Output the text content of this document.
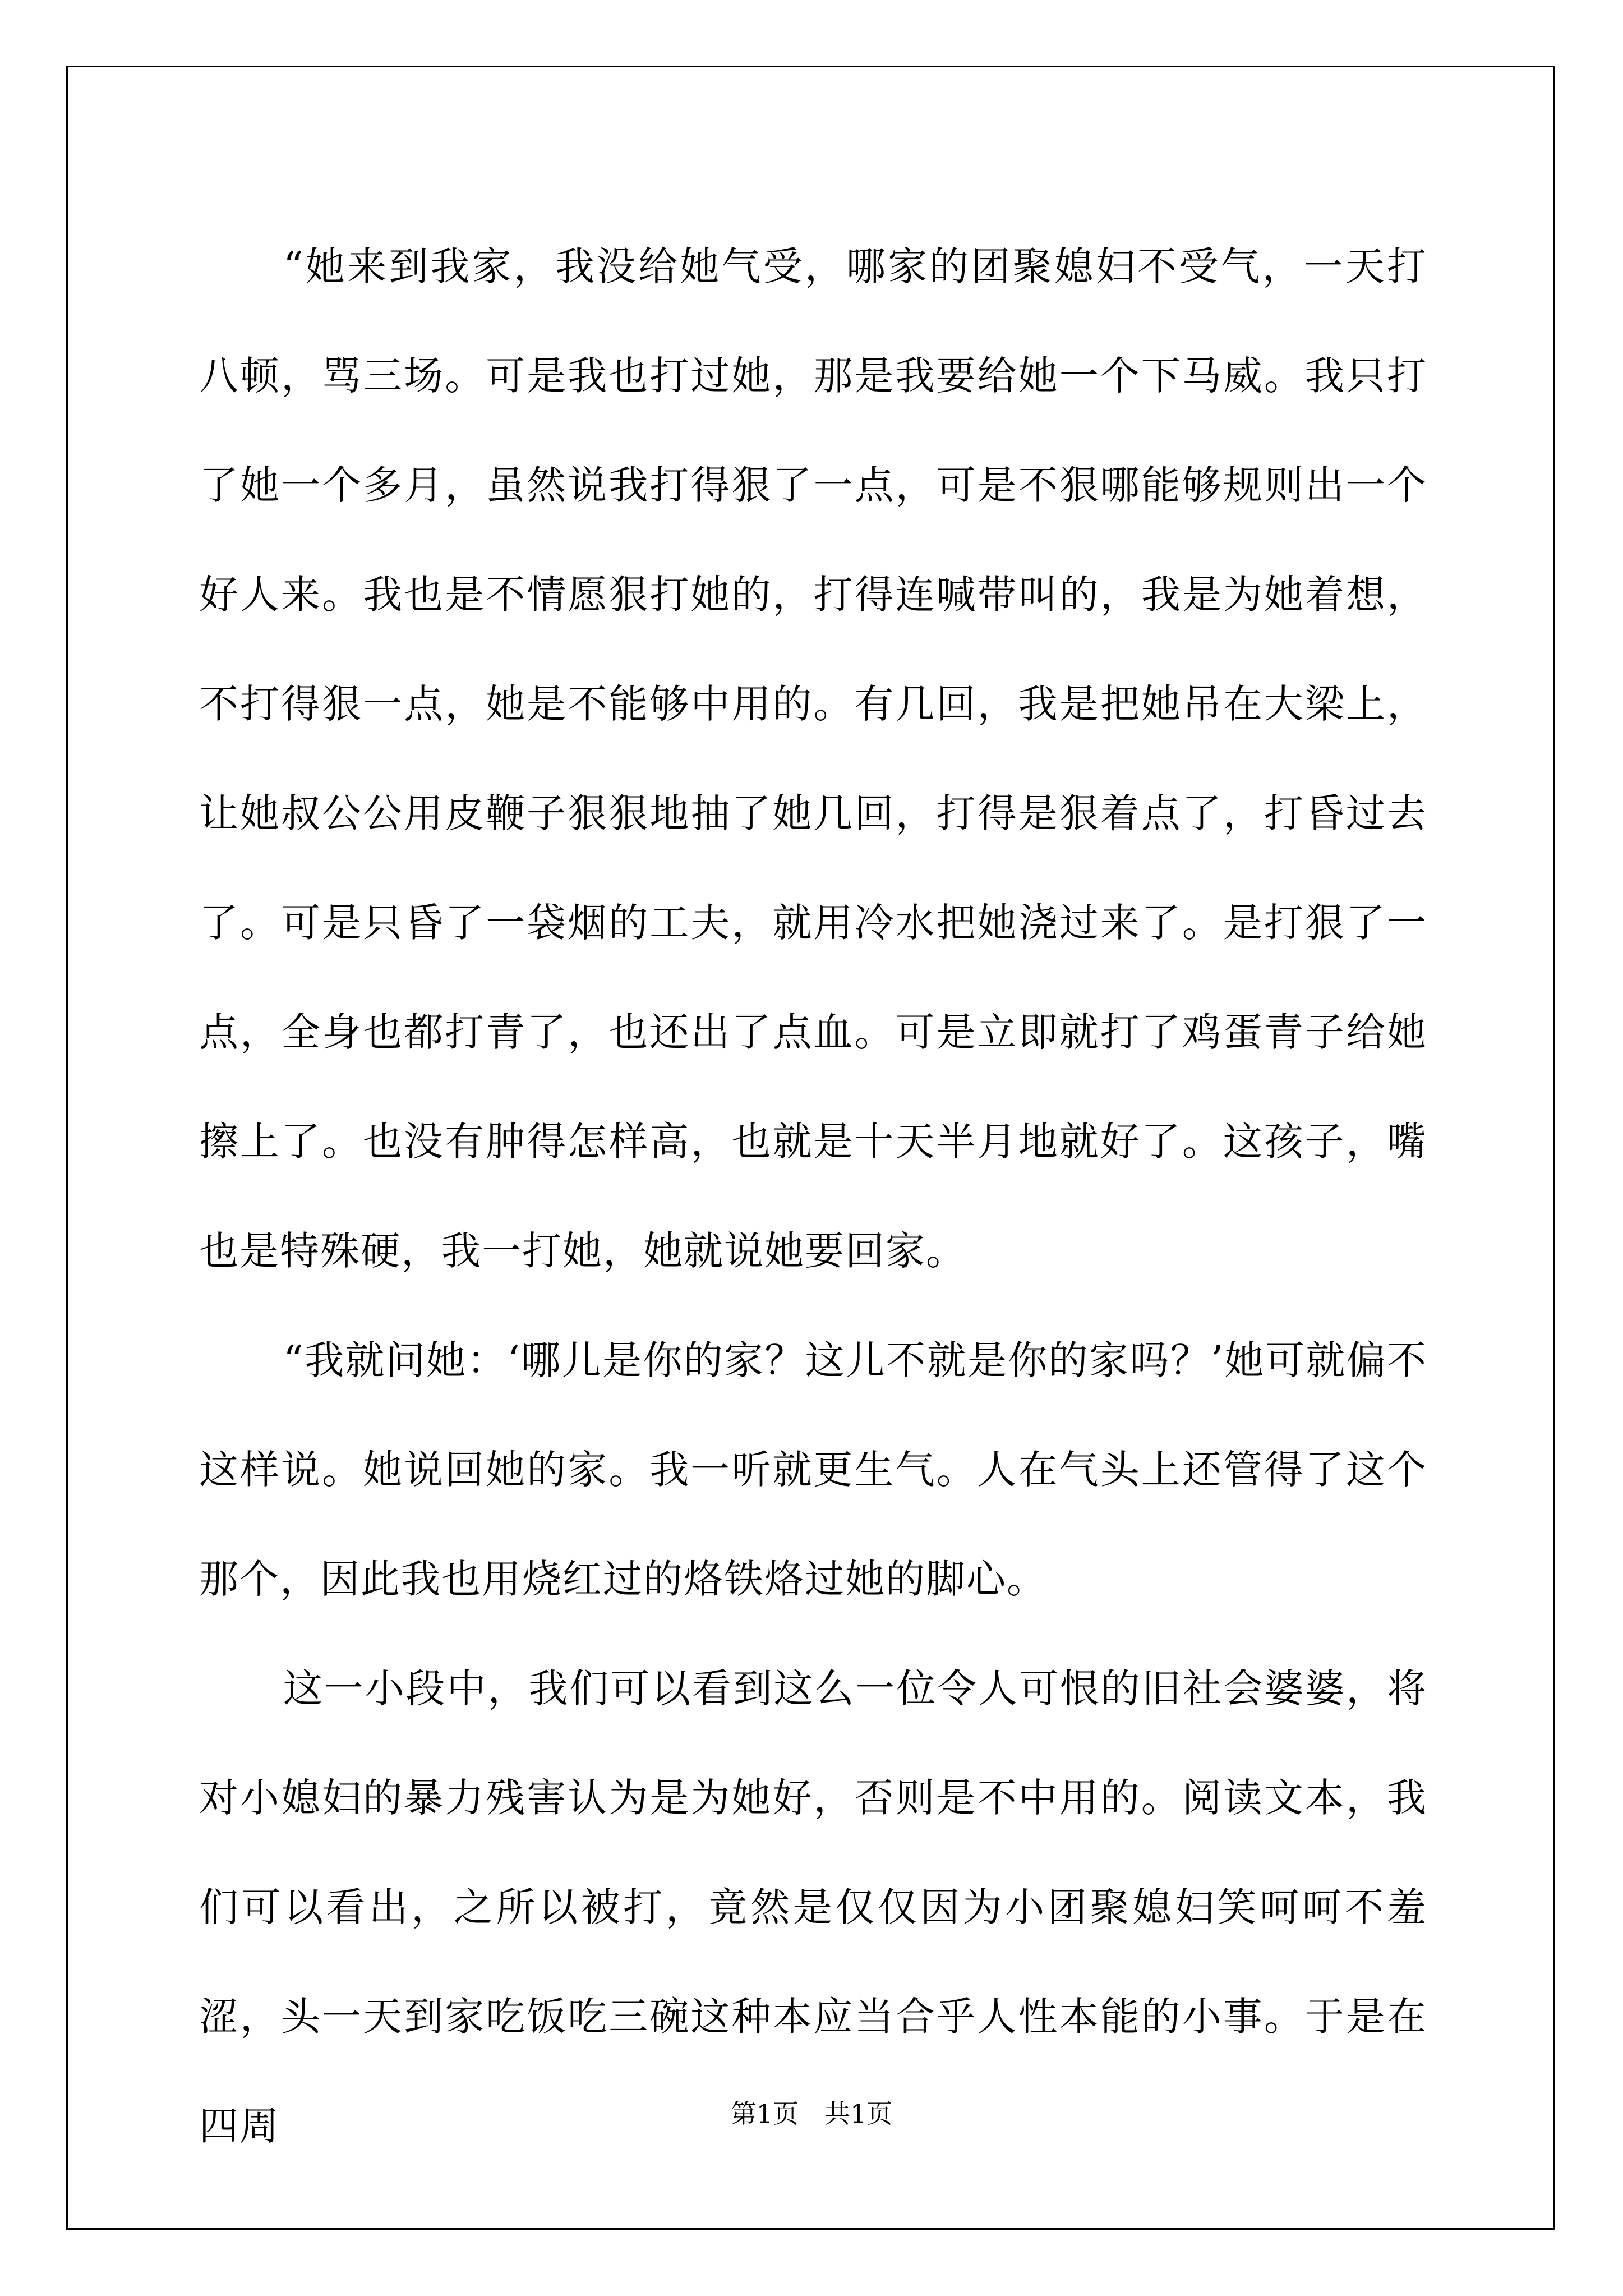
“她来到我家，我没给她气受，哪家的团聚媳妇不受气，一天打八顿，骂三场。可是我也打过她，那是我要给她一个下马威。我只打了她一个多月，虽然说我打得狠了一点，可是不狠哪能够规则出一个好人来。我也是不情愿狠打她的，打得连喊带叫的，我是为她着想，不打得狠一点，她是不能够中用的。有几回，我是把她吊在大梁上，让她叔公公用皮鞭子狠狠地抽了她几回，打得是狠着点了，打昏过去了。可是只昏了一袋烟的工夫，就用冷水把她浇过来了。是打狠了一点，全身也都打青了，也还出了点血。可是立即就打了鸡蛋青子给她擦上了。也没有肿得怎样高，也就是十天半月地就好了。这孩子，嘴也是特殊硬，我一打她，她就说她要回家。

“我就问她：‘哪儿是你的家？这儿不就是你的家吗？’她可就偏不这样说。她说回她的家。我一听就更生气。人在气头上还管得了这个那个，因此我也用烧红过的烙铁烙过她的脚心。

这一小段中，我们可以看到这么一位令人可恨的旧社会婆婆，将对小媳妇的暴力残害认为是为她好，否则是不中用的。阅读文本，我们可以看出，之所以被打，竟然是仅仅因为小团聚媳妇笑呵呵不羞涩，头一天到家吃饭吃三碗这种本应当合乎人性本能的小事。于是在四周	第1页　共1页
